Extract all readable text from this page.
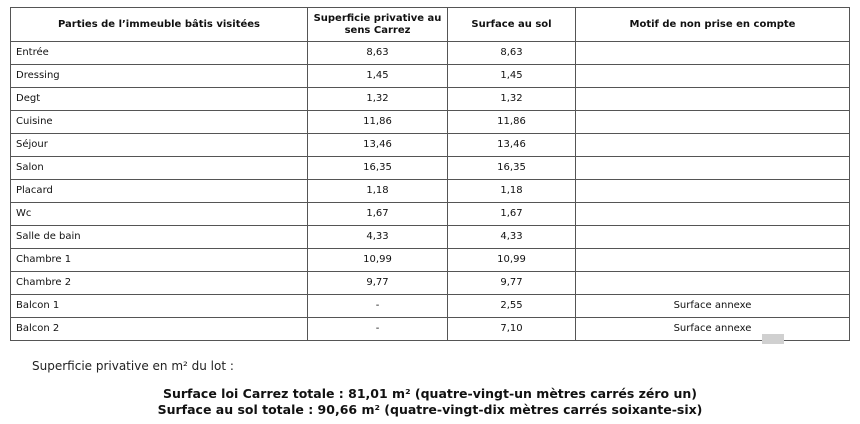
Parties de l’immeuble bâtis visitées	Superficie privative au sens Carrez	Surface au sol	Motif de non prise en compte
Entrée	8,63	8,63	
Dressing	1,45	1,45	
Degt	1,32	1,32	
Cuisine	11,86	11,86	
Séjour	13,46	13,46	
Salon	16,35	16,35	
Placard	1,18	1,18	
Wc	1,67	1,67	
Salle de bain	4,33	4,33	
Chambre 1	10,99	10,99	
Chambre 2	9,77	9,77	
Balcon 1	-	2,55	Surface annexe
Balcon 2	-	7,10	Surface annexe
Superficie privative en m² du lot :
Surface loi Carrez totale : 81,01 m² (quatre-vingt-un mètres carrés zéro un)
Surface au sol totale : 90,66 m² (quatre-vingt-dix mètres carrés soixante-six)
